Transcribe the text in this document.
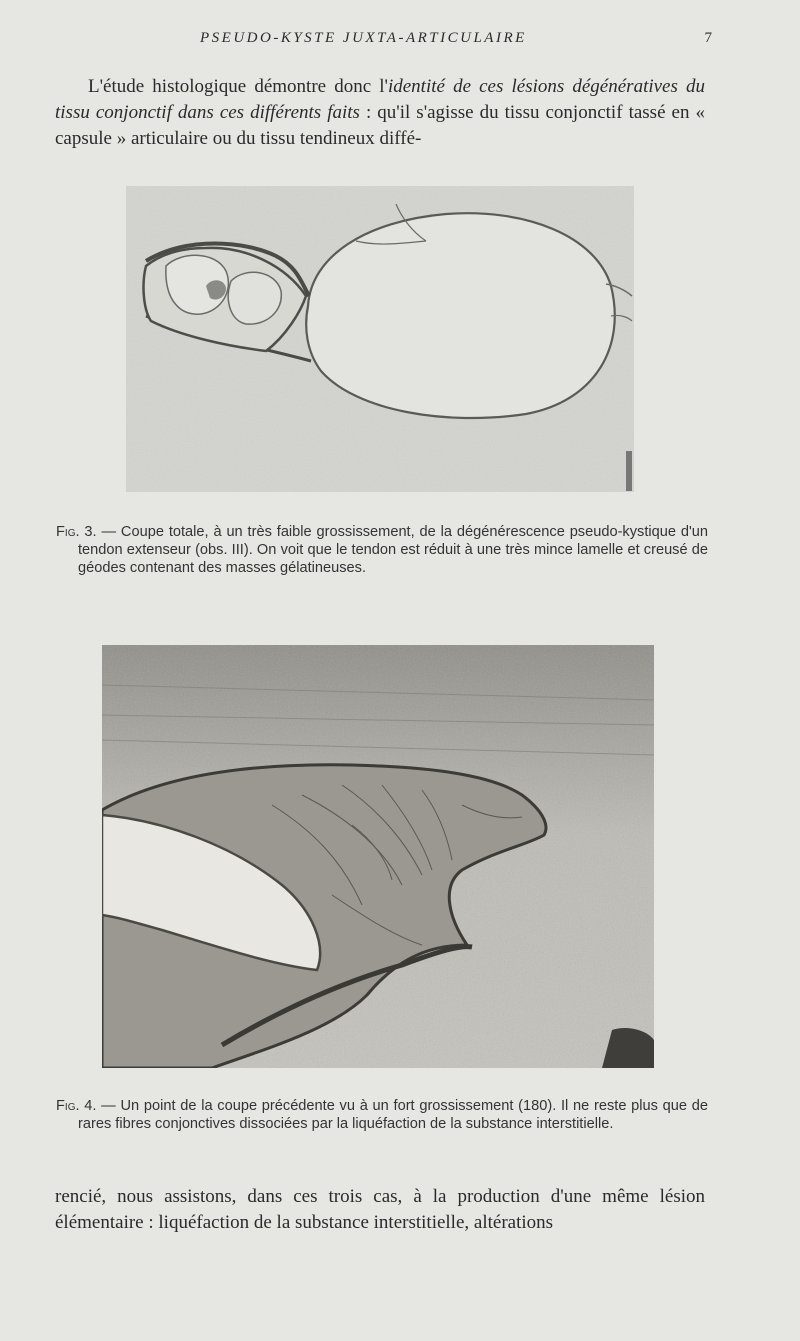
PSEUDO-KYSTE JUXTA-ARTICULAIRE	7

L'étude histologique démontre donc l'identité de ces lésions dégénératives du tissu conjonctif dans ces différents faits : qu'il s'agisse du tissu conjonctif tassé en « capsule » articulaire ou du tissu tendineux diffé-

Fig. 3. — Coupe totale, à un très faible grossissement, de la dégénérescence pseudo-kystique d'un tendon extenseur (obs. III). On voit que le tendon est réduit à une très mince lamelle et creusé de géodes contenant des masses gélatineuses.

Fig. 4. — Un point de la coupe précédente vu à un fort grossissement (180). Il ne reste plus que de rares fibres conjonctives dissociées par la liquéfaction de la substance interstitielle.

rencié, nous assistons, dans ces trois cas, à la production d'une même lésion élémentaire : liquéfaction de la substance interstitielle, altérations
